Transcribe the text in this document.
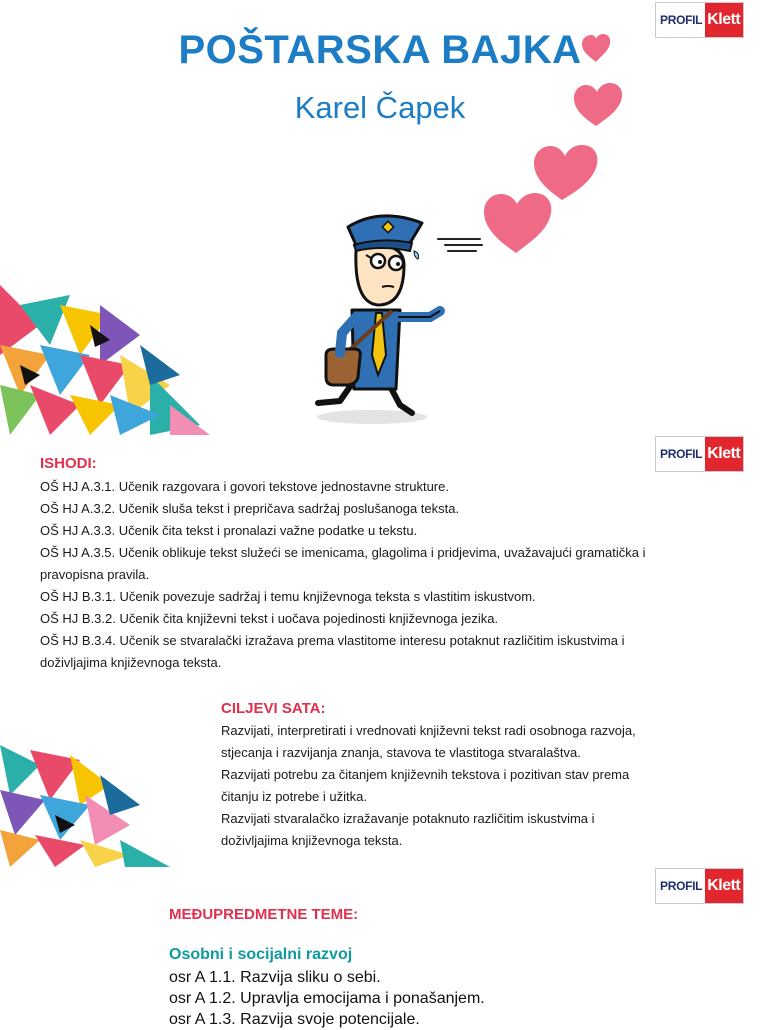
PROFIL Klett
PROFIL Klett
PROFIL Klett
POŠTARSKA BAJKA
Karel Čapek
ISHODI:
OŠ HJ A.3.1. Učenik razgovara i govori tekstove jednostavne strukture.
OŠ HJ A.3.2. Učenik sluša tekst i prepričava sadržaj poslušanoga teksta.
OŠ HJ A.3.3. Učenik čita tekst i pronalazi važne podatke u tekstu.
OŠ HJ A.3.5. Učenik oblikuje tekst služeći se imenicama, glagolima i pridjevima, uvažavajući gramatička i
pravopisna pravila.
OŠ HJ B.3.1. Učenik povezuje sadržaj i temu književnoga teksta s vlastitim iskustvom.
OŠ HJ B.3.2. Učenik čita književni tekst i uočava pojedinosti književnoga jezika.
OŠ HJ B.3.4. Učenik se stvaralački izražava prema vlastitome interesu potaknut različitim iskustvima i
doživljajima književnoga teksta.
CILJEVI SATA:
Razvijati, interpretirati i vrednovati književni tekst radi osobnoga razvoja,
stjecanja i razvijanja znanja, stavova te vlastitoga stvaralaštva.
Razvijati potrebu za čitanjem književnih tekstova i pozitivan stav prema
čitanju iz potrebe i užitka.
Razvijati stvaralačko izražavanje potaknuto različitim iskustvima i
doživljajima književnoga teksta.
MEĐUPREDMETNE TEME:
Osobni i socijalni razvoj
osr A 1.1. Razvija sliku o sebi.
osr A 1.2. Upravlja emocijama i ponašanjem.
osr A 1.3. Razvija svoje potencijale.
